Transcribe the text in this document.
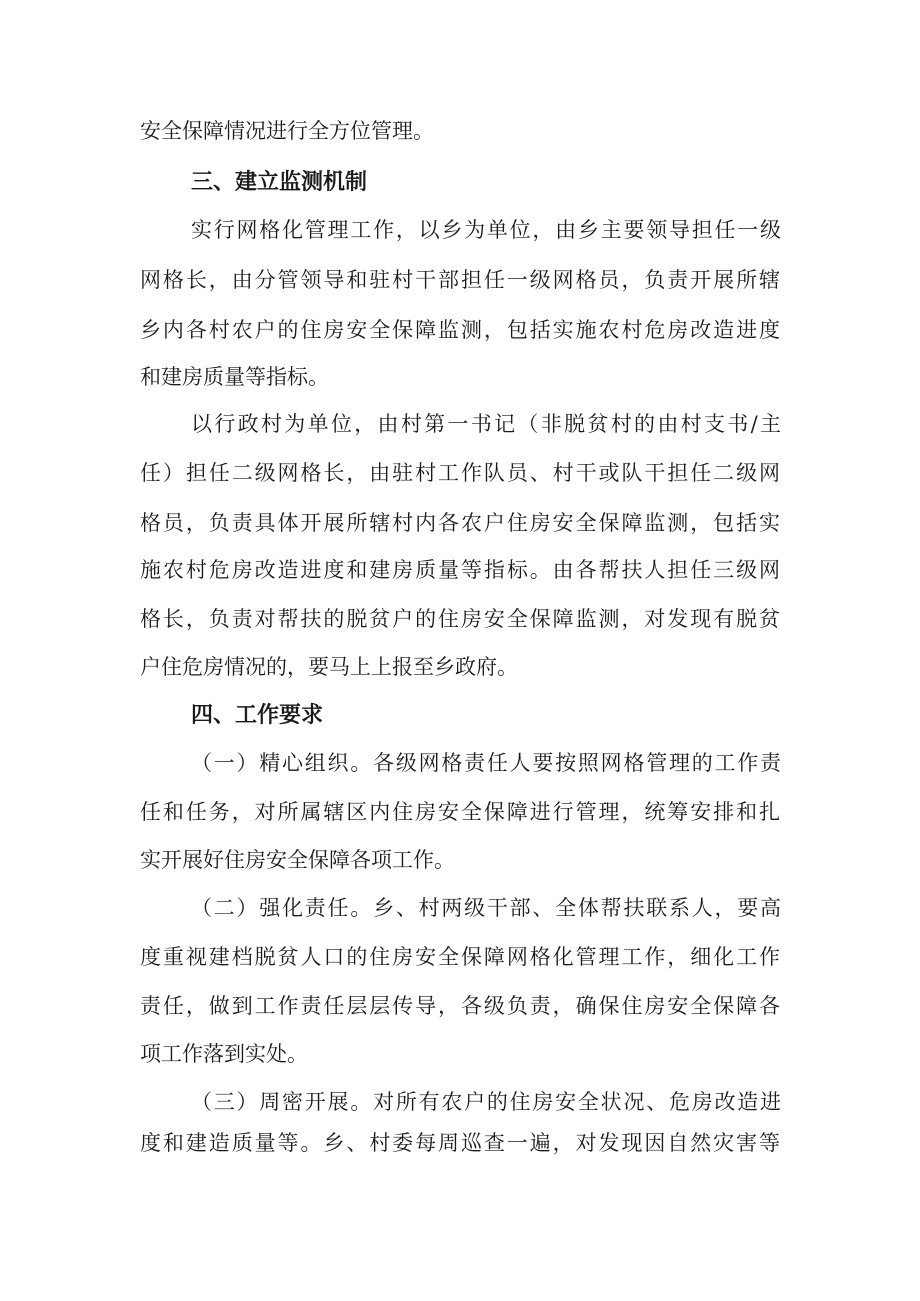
安全保障情况进行全方位管理。
三、建立监测机制
实行网格化管理工作，以乡为单位，由乡主要领导担任一级
网格长，由分管领导和驻村干部担任一级网格员，负责开展所辖
乡内各村农户的住房安全保障监测，包括实施农村危房改造进度
和建房质量等指标。
以行政村为单位，由村第一书记（非脱贫村的由村支书/主
任）担任二级网格长，由驻村工作队员、村干或队干担任二级网
格员，负责具体开展所辖村内各农户住房安全保障监测，包括实
施农村危房改造进度和建房质量等指标。由各帮扶人担任三级网
格长，负责对帮扶的脱贫户的住房安全保障监测，对发现有脱贫
户住危房情况的，要马上上报至乡政府。
四、工作要求
（一）精心组织。各级网格责任人要按照网格管理的工作责
任和任务，对所属辖区内住房安全保障进行管理，统筹安排和扎
实开展好住房安全保障各项工作。
（二）强化责任。乡、村两级干部、全体帮扶联系人，要高
度重视建档脱贫人口的住房安全保障网格化管理工作，细化工作
责任，做到工作责任层层传导，各级负责，确保住房安全保障各
项工作落到实处。
（三）周密开展。对所有农户的住房安全状况、危房改造进
度和建造质量等。乡、村委每周巡查一遍，对发现因自然灾害等
